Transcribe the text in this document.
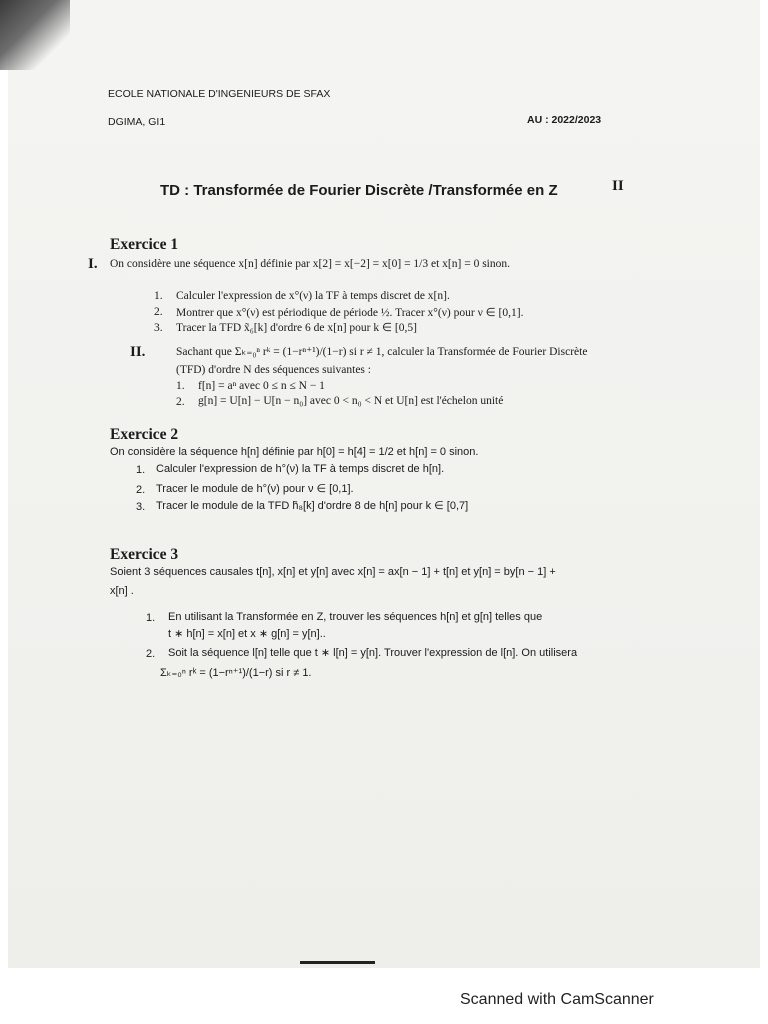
ECOLE NATIONALE D'INGENIEURS DE SFAX
DGIMA, GI1	AU : 2022/2023
TD : Transformée de Fourier Discrète /Transformée en Z	II
Exercice 1
I. On considère une séquence x[n] définie par x[2] = x[−2] = x[0] = 1/3 et x[n] = 0 sinon.
1. Calculer l'expression de x°(ν) la TF à temps discret de x[n].
2. Montrer que x°(ν) est périodique de période ½. Tracer x°(ν) pour ν ∈ [0,1].
3. Tracer la TFD x̃₆[k] d'ordre 6 de x[n] pour k ∈ [0,5]
II.	Sachant que Σₖ₌₀ⁿ rᵏ = (1−rⁿ⁺¹)/(1−r) si r ≠ 1, calculer la Transformée de Fourier Discrète
(TFD) d'ordre N des séquences suivantes :
1. f[n] = aⁿ avec 0 ≤ n ≤ N − 1
2. g[n] = U[n] − U[n − n₀] avec 0 < n₀ < N et U[n] est l'échelon unité
Exercice 2
On considère la séquence h[n] définie par h[0] = h[4] = 1/2 et h[n] = 0 sinon.
1. Calculer l'expression de h°(ν) la TF à temps discret de h[n].
2. Tracer le module de h°(ν) pour ν ∈ [0,1].
3. Tracer le module de la TFD h̃₈[k] d'ordre 8 de h[n] pour k ∈ [0,7]
Exercice 3
Soient 3 séquences causales t[n], x[n] et y[n] avec x[n] = ax[n − 1] + t[n] et y[n] = by[n − 1] +
x[n] .
1. En utilisant la Transformée en Z, trouver les séquences h[n] et g[n] telles que
t ∗ h[n] = x[n] et x ∗ g[n] = y[n]..
2. Soit la séquence l[n] telle que t ∗ l[n] = y[n]. Trouver l'expression de l[n]. On utilisera
Σₖ₌₀ⁿ rᵏ = (1−rⁿ⁺¹)/(1−r) si r ≠ 1.
Scanned with CamScanner
